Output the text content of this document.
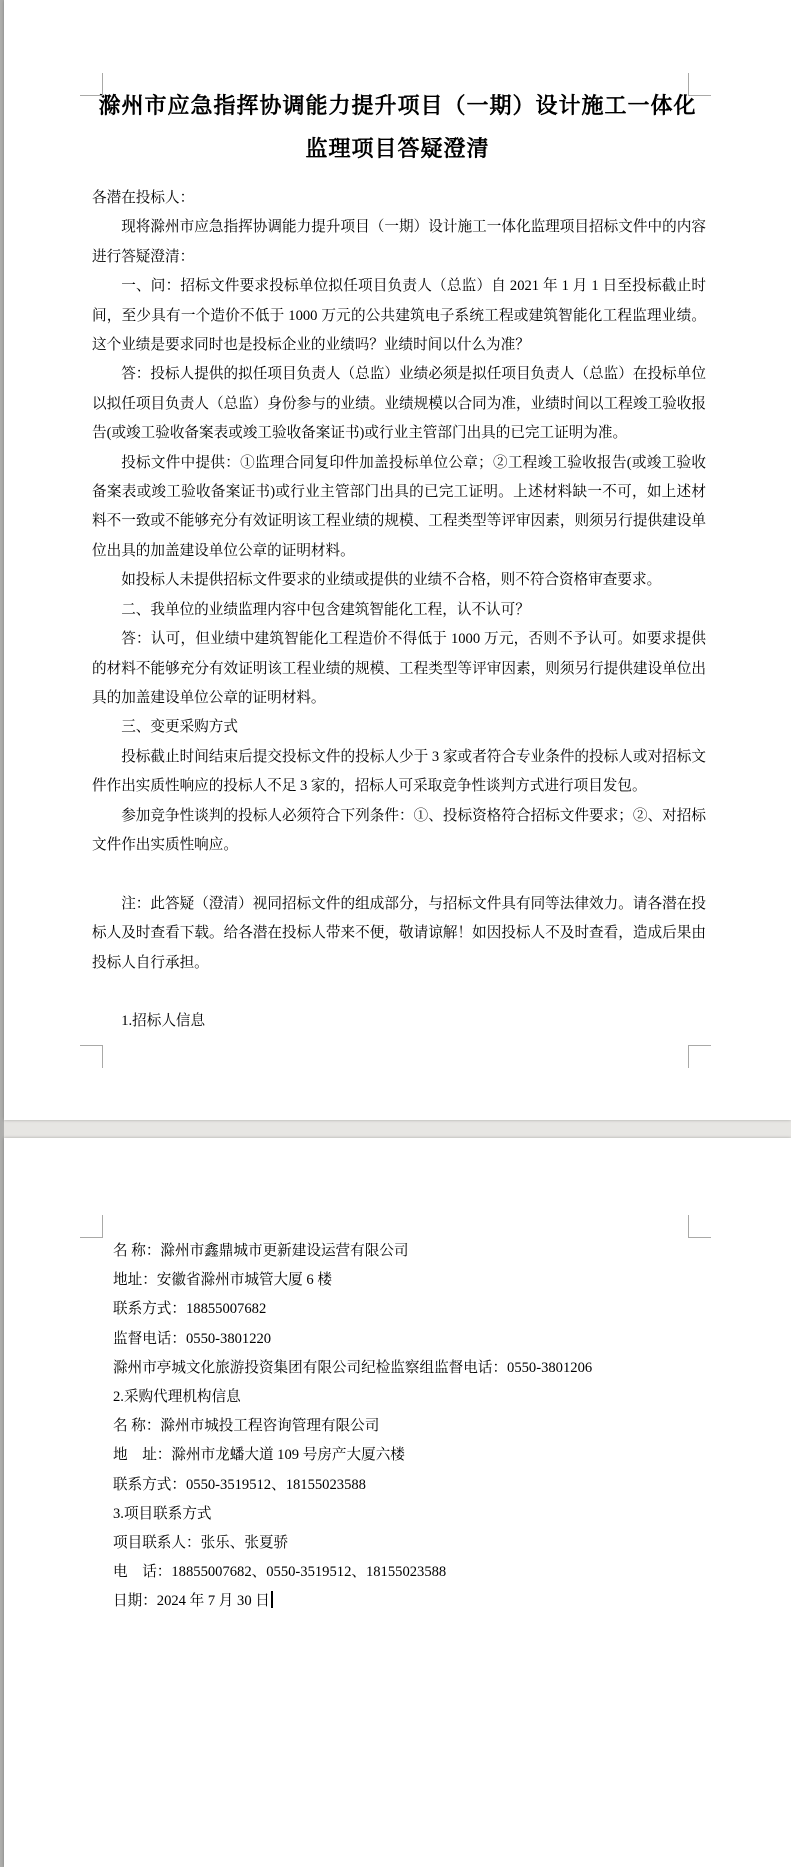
滁州市应急指挥协调能力提升项目（一期）设计施工一体化
监理项目答疑澄清

各潜在投标人：

现将滁州市应急指挥协调能力提升项目（一期）设计施工一体化监理项目招标文件中的内容进行答疑澄清：

一、问：招标文件要求投标单位拟任项目负责人（总监）自 2021 年 1 月 1 日至投标截止时间，至少具有一个造价不低于 1000 万元的公共建筑电子系统工程或建筑智能化工程监理业绩。这个业绩是要求同时也是投标企业的业绩吗？业绩时间以什么为准？

答：投标人提供的拟任项目负责人（总监）业绩必须是拟任项目负责人（总监）在投标单位以拟任项目负责人（总监）身份参与的业绩。业绩规模以合同为准，业绩时间以工程竣工验收报告(或竣工验收备案表或竣工验收备案证书)或行业主管部门出具的已完工证明为准。

投标文件中提供：①监理合同复印件加盖投标单位公章；②工程竣工验收报告(或竣工验收备案表或竣工验收备案证书)或行业主管部门出具的已完工证明。上述材料缺一不可，如上述材料不一致或不能够充分有效证明该工程业绩的规模、工程类型等评审因素，则须另行提供建设单位出具的加盖建设单位公章的证明材料。

如投标人未提供招标文件要求的业绩或提供的业绩不合格，则不符合资格审查要求。

二、我单位的业绩监理内容中包含建筑智能化工程，认不认可？

答：认可，但业绩中建筑智能化工程造价不得低于 1000 万元，否则不予认可。如要求提供的材料不能够充分有效证明该工程业绩的规模、工程类型等评审因素，则须另行提供建设单位出具的加盖建设单位公章的证明材料。

三、变更采购方式

投标截止时间结束后提交投标文件的投标人少于 3 家或者符合专业条件的投标人或对招标文件作出实质性响应的投标人不足 3 家的，招标人可采取竞争性谈判方式进行项目发包。

参加竞争性谈判的投标人必须符合下列条件：①、投标资格符合招标文件要求；②、对招标文件作出实质性响应。

注：此答疑（澄清）视同招标文件的组成部分，与招标文件具有同等法律效力。请各潜在投标人及时查看下载。给各潜在投标人带来不便，敬请谅解！如因投标人不及时查看，造成后果由投标人自行承担。

1.招标人信息

名 称：滁州市鑫鼎城市更新建设运营有限公司
地址：安徽省滁州市城管大厦 6 楼
联系方式：18855007682
监督电话：0550-3801220
滁州市亭城文化旅游投资集团有限公司纪检监察组监督电话：0550-3801206
2.采购代理机构信息
名 称：滁州市城投工程咨询管理有限公司
地　址：滁州市龙蟠大道 109 号房产大厦六楼
联系方式：0550-3519512、18155023588
3.项目联系方式
项目联系人：张乐、张夏骄
电　话：18855007682、0550-3519512、18155023588
日期：2024 年 7 月 30 日
